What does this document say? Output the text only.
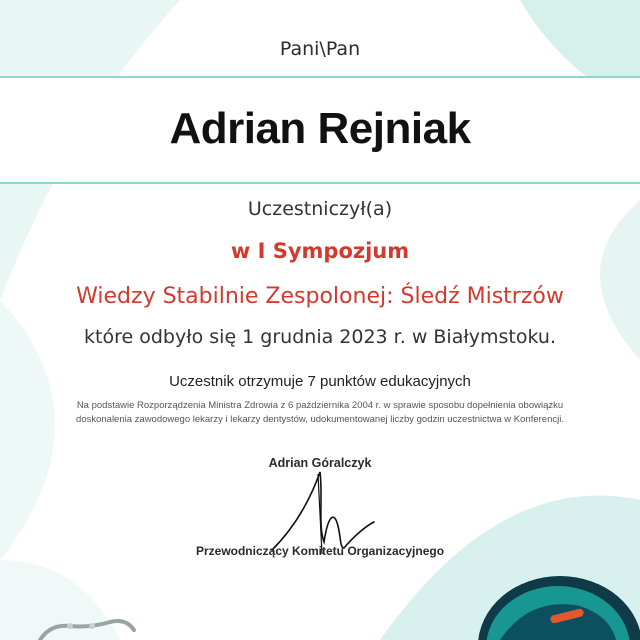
Pani\Pan
Adrian Rejniak
Uczestniczył(a)
w I Sympozjum
Wiedzy Stabilnie Zespolonej: Śledź Mistrzów
które odbyło się 1 grudnia 2023 r. w Białymstoku.
Uczestnik otrzymuje 7 punktów edukacyjnych
Na podstawie Rozporządzenia Ministra Zdrowia z 6 października 2004 r. w sprawie sposobu dopełnienia obowiązku doskonalenia zawodowego lekarzy i lekarzy dentystów, udokumentowanej liczby godzin uczestnictwa w Konferencji.
Adrian Góralczyk
Przewodniczący Komitetu Organizacyjnego
